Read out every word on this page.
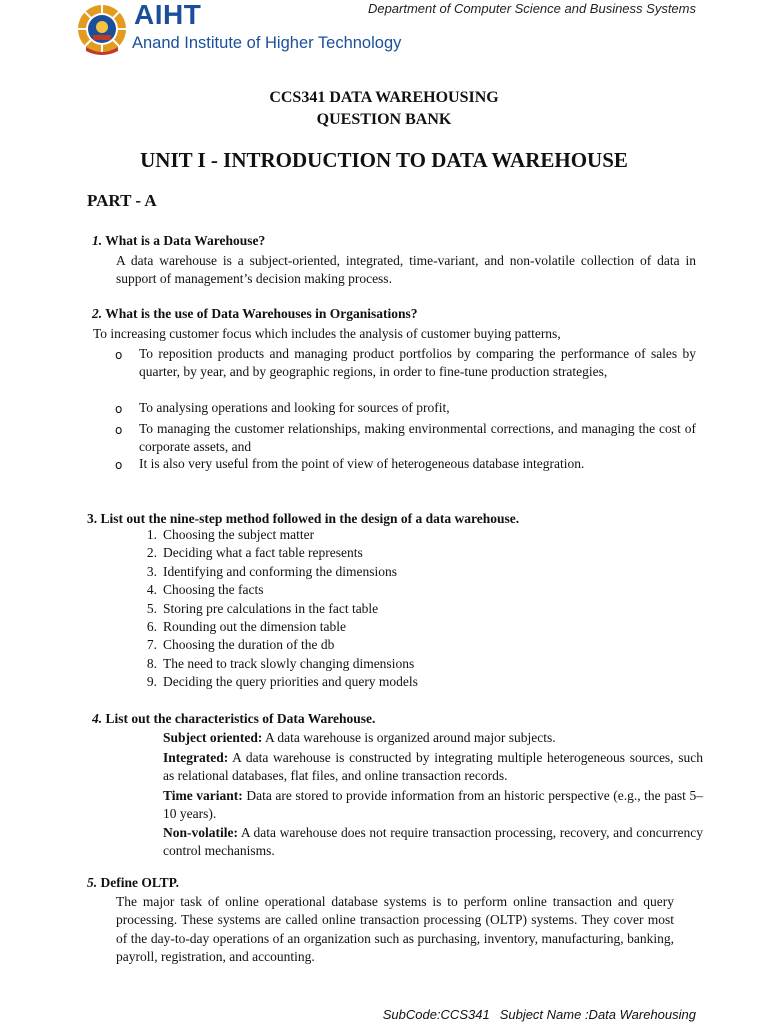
Department of Computer Science and Business Systems
AIHT
Anand Institute of Higher Technology
CCS341 DATA WAREHOUSING
QUESTION BANK
UNIT I - INTRODUCTION TO DATA WAREHOUSE
PART - A
1. What is a Data Warehouse?
A data warehouse is a subject-oriented, integrated, time-variant, and non-volatile collection of data in support of management’s decision making process.
2. What is the use of Data Warehouses in Organisations?
To increasing customer focus which includes the analysis of customer buying patterns,
o To reposition products and managing product portfolios by comparing the performance of sales by quarter, by year, and by geographic regions, in order to fine-tune production strategies,
o To analysing operations and looking for sources of profit,
o To managing the customer relationships, making environmental corrections, and managing the cost of corporate assets, and
o It is also very useful from the point of view of heterogeneous database integration.
3. List out the nine-step method followed in the design of a data warehouse.
1. Choosing the subject matter
2. Deciding what a fact table represents
3. Identifying and conforming the dimensions
4. Choosing the facts
5. Storing pre calculations in the fact table
6. Rounding out the dimension table
7. Choosing the duration of the db
8. The need to track slowly changing dimensions
9. Deciding the query priorities and query models
4. List out the characteristics of Data Warehouse.
Subject oriented: A data warehouse is organized around major subjects.
Integrated: A data warehouse is constructed by integrating multiple heterogeneous sources, such as relational databases, flat files, and online transaction records.
Time variant: Data are stored to provide information from an historic perspective (e.g., the past 5–10 years).
Non-volatile: A data warehouse does not require transaction processing, recovery, and concurrency control mechanisms.
5. Define OLTP.
The major task of online operational database systems is to perform online transaction and query processing. These systems are called online transaction processing (OLTP) systems. They cover most of the day-to-day operations of an organization such as purchasing, inventory, manufacturing, banking, payroll, registration, and accounting.
SubCode:CCS341 Subject Name :Data Warehousing
